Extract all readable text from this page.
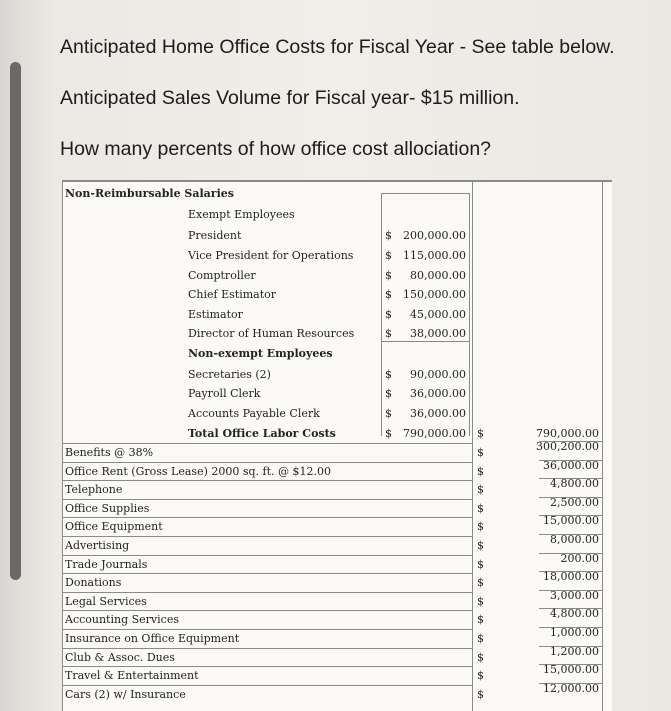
Anticipated Home Office Costs for Fiscal Year - See table below.

Anticipated Sales Volume for Fiscal year- $15 million.

How many percents of how office cost allociation?

Non-Reimbursable Salaries
Exempt Employees
Non-exempt Employees
President	$	200,000.00
Vice President for Operations	$	115,000.00
Comptroller	$	80,000.00
Chief Estimator	$	150,000.00
Estimator	$	45,000.00
Director of Human Resources	$	38,000.00
Secretaries (2)	$	90,000.00
Payroll Clerk	$	36,000.00
Accounts Payable Clerk	$	36,000.00
Total Office Labor Costs	$	790,000.00 $	790,000.00
Benefits @ 38%	$	300,200.00
Office Rent (Gross Lease) 2000 sq. ft. @ $12.00	$	36,000.00
Telephone	$	4,800.00
Office Supplies	$	2,500.00
Office Equipment	$	15,000.00
Advertising	$	8,000.00
Trade Journals	$	200.00
Donations	$	18,000.00
Legal Services	$	3,000.00
Accounting Services	$	4,800.00
Insurance on Office Equipment	$	1,000.00
Club & Assoc. Dues	$	1,200.00
Travel & Entertainment	$	15,000.00
Cars (2) w/ Insurance	$	12,000.00
